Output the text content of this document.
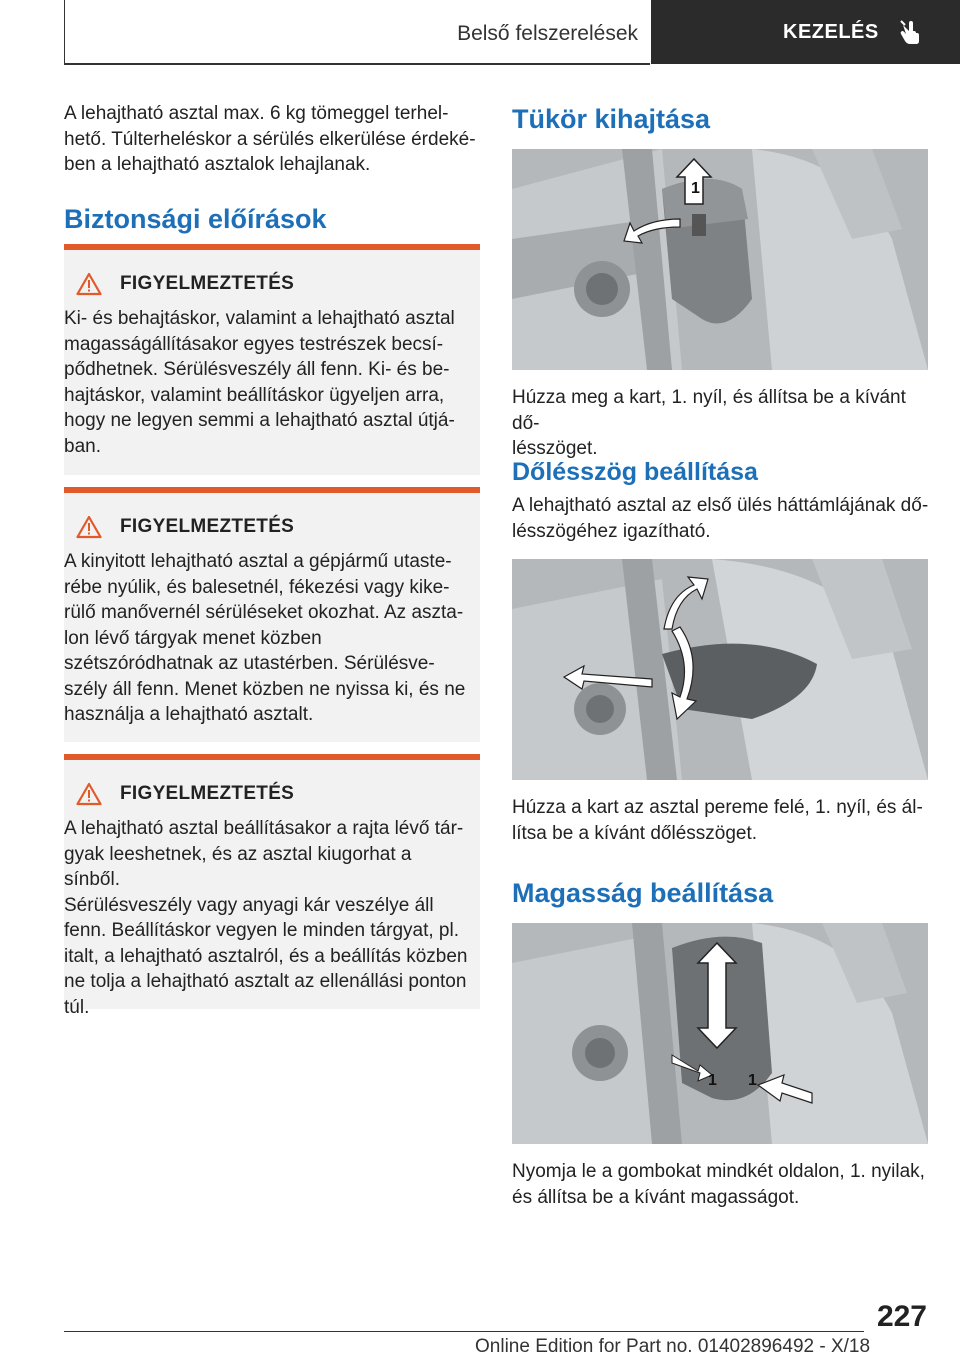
Belső felszerelések	KEZELÉS
A lehajtható asztal max. 6 kg tömeggel terhel-
hető. Túlterheléskor a sérülés elkerülése érdeké-
ben a lehajtható asztalok lehajlanak.
Biztonsági előírások
FIGYELMEZTETÉS
Ki- és behajtáskor, valamint a lehajtható asztal
magasságállításakor egyes testrészek becsí-
pődhetnek. Sérülésveszély áll fenn. Ki- és be-
hajtáskor, valamint beállításkor ügyeljen arra,
hogy ne legyen semmi a lehajtható asztal útjá-
ban.
FIGYELMEZTETÉS
A kinyitott lehajtható asztal a gépjármű utaste-
rébe nyúlik, és balesetnél, fékezési vagy kike-
rülő manővernél sérüléseket okozhat. Az aszta-
lon lévő tárgyak menet közben
szétszóródhatnak az utastérben. Sérülésve-
szély áll fenn. Menet közben ne nyissa ki, és ne
használja a lehajtható asztalt.
FIGYELMEZTETÉS
A lehajtható asztal beállításakor a rajta lévő tár-
gyak leeshetnek, és az asztal kiugorhat a sínből.
Sérülésveszély vagy anyagi kár veszélye áll
fenn. Beállításkor vegyen le minden tárgyat, pl.
italt, a lehajtható asztalról, és a beállítás közben
ne tolja a lehajtható asztalt az ellenállási ponton
túl.
Tükör kihajtása
1
Húzza meg a kart, 1. nyíl, és állítsa be a kívánt dő-
lésszöget.
Dőlésszög beállítása
A lehajtható asztal az első ülés háttámlájának dő-
lésszögéhez igazítható.
Húzza a kart az asztal pereme felé, 1. nyíl, és ál-
lítsa be a kívánt dőlésszöget.
Magasság beállítása
1 1
Nyomja le a gombokat mindkét oldalon, 1. nyilak,
és állítsa be a kívánt magasságot.
227
Online Edition for Part no. 01402896492 - X/18
